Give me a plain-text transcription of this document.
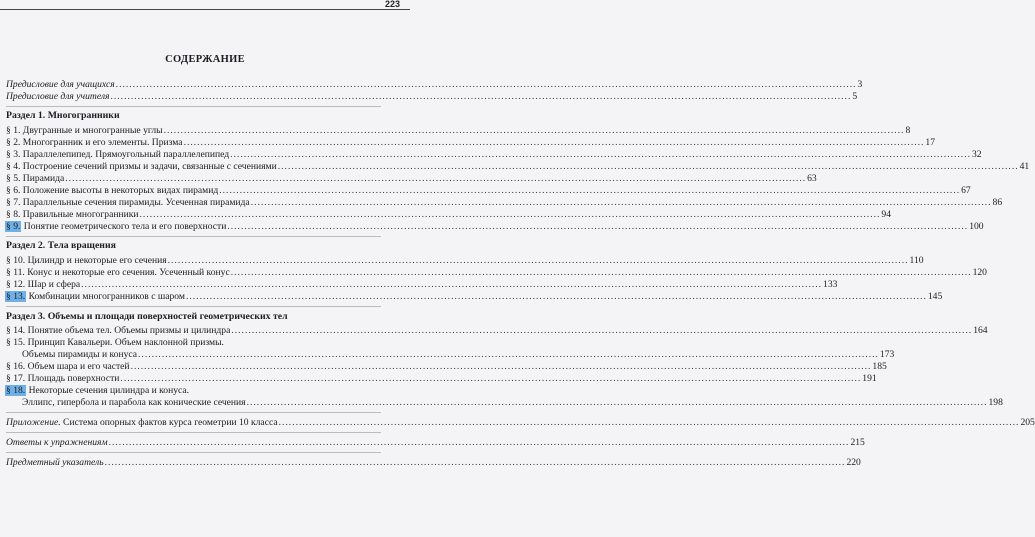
223
СОДЕРЖАНИЕ
Предисловие для учащихся .......................................................................................................................................................................................................................... 3
Предисловие для учителя .......................................................................................................................................................................................................................... 5
Раздел 1. Многогранники
§ 1. Двугранные и многогранные углы .......................................................................................................................................................................................................................... 8
§ 2. Многогранник и его элементы. Призма .......................................................................................................................................................................................................................... 17
§ 3. Параллелепипед. Прямоугольный параллелепипед .......................................................................................................................................................................................................................... 32
§ 4. Построение сечений призмы и задачи, связанные с сечениями .......................................................................................................................................................................................................................... 41
§ 5. Пирамида .......................................................................................................................................................................................................................... 63
§ 6. Положение высоты в некоторых видах пирамид .......................................................................................................................................................................................................................... 67
§ 7. Параллельные сечения пирамиды. Усеченная пирамида .......................................................................................................................................................................................................................... 86
§ 8. Правильные многогранники .......................................................................................................................................................................................................................... 94
§ 9. Понятие геометрического тела и его поверхности .......................................................................................................................................................................................................................... 100
Раздел 2. Тела вращения
§ 10. Цилиндр и некоторые его сечения .......................................................................................................................................................................................................................... 110
§ 11. Конус и некоторые его сечения. Усеченный конус .......................................................................................................................................................................................................................... 120
§ 12. Шар и сфера .......................................................................................................................................................................................................................... 133
§ 13. Комбинации многогранников с шаром .......................................................................................................................................................................................................................... 145
Раздел 3. Объемы и площади поверхностей геометрических тел
§ 14. Понятие объема тел. Объемы призмы и цилиндра .......................................................................................................................................................................................................................... 164
§ 15. Принцип Кавальери. Объем наклонной призмы.
Объемы пирамиды и конуса .......................................................................................................................................................................................................................... 173
§ 16. Объем шара и его частей .......................................................................................................................................................................................................................... 185
§ 17. Площадь поверхности .......................................................................................................................................................................................................................... 191
§ 18. Некоторые сечения цилиндра и конуса.
Эллипс, гипербола и парабола как конические сечения .......................................................................................................................................................................................................................... 198
Приложение. Система опорных фактов курса геометрии 10 класса .......................................................................................................................................................................................................................... 205
Ответы к упражнениям .......................................................................................................................................................................................................................... 215
Предметный указатель .......................................................................................................................................................................................................................... 220
